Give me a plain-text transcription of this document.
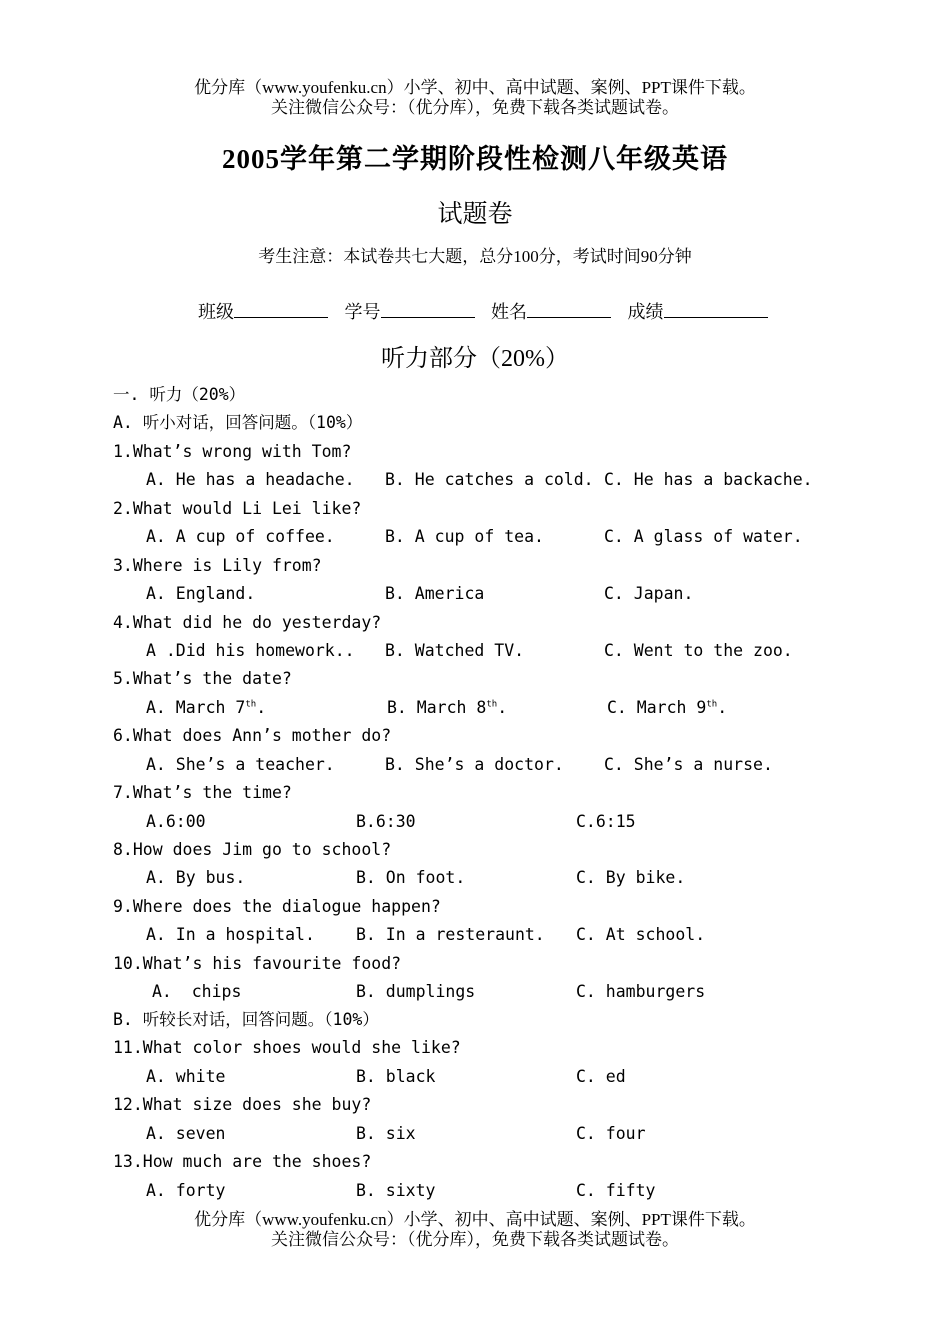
优分库（www.youfenku.cn）小学、初中、高中试题、案例、PPT课件下载。
关注微信公众号：（优分库），免费下载各类试题试卷。
2005学年第二学期阶段性检测八年级英语
试题卷
考生注意：本试卷共七大题，总分100分，考试时间90分钟
班级	学号	姓名	成绩
听力部分（20%）
一. 听力（20%）
A. 听小对话，回答问题。（10%）
1.What’s wrong with Tom?
A. He has a headache. B. He catches a cold. C. He has a backache.
2.What would Li Lei like?
A. A cup of coffee.	B. A cup of tea.	C. A glass of water.
3.Where is Lily from?
A. England.	B. America	C. Japan.
4.What did he do yesterday?
A .Did his homework.. B. Watched TV.	C. Went to the zoo.
5.What’s the date?
A. March 7th.	B. March 8th.	C. March 9th.
6.What does Ann’s mother do?
A. She’s a teacher.	B. She’s a doctor. C. She’s a nurse.
7.What’s the time?
A.6:00	B.6:30	C.6:15
8.How does Jim go to school?
A. By bus.	B. On foot.	C. By bike.
9.Where does the dialogue happen?
A. In a hospital. B. In a resteraunt. C. At school.
10.What’s his favourite food?
A.  chips	B. dumplings	C. hamburgers
B. 听较长对话，回答问题。（10%）
11.What color shoes would she like?
A. white	B. black	C. ed
12.What size does she buy?
A. seven	B. six	C. four
13.How much are the shoes?
A. forty	B. sixty	C. fifty
优分库（www.youfenku.cn）小学、初中、高中试题、案例、PPT课件下载。
关注微信公众号：（优分库），免费下载各类试题试卷。
